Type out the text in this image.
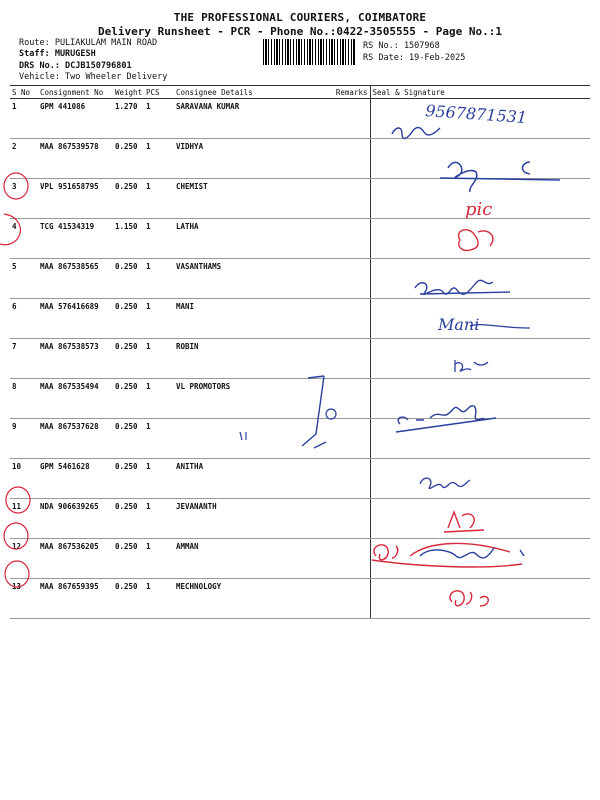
THE PROFESSIONAL COURIERS, COIMBATORE
Delivery Runsheet - PCR - Phone No.:0422-3505555 - Page No.:1
Route: PULIAKULAM MAIN ROAD
Staff: MURUGESH
DRS No.: DCJB150796801
Vehicle: Two Wheeler Delivery
RS No.: 1507968
RS Date: 19-Feb-2025
S No	Consignment No	Weight	PCS	Consignee Details	Remarks	Seal & Signature
1	GPM 441086	1.270	1	SARAVANA KUMAR		
2	MAA 867539578	0.250	1	VIDHYA		
3	VPL 951658795	0.250	1	CHEMIST		
4	TCG 41534319	1.150	1	LATHA		
5	MAA 867538565	0.250	1	VASANTHAMS		
6	MAA 576416689	0.250	1	MANI		
7	MAA 867538573	0.250	1	ROBIN		
8	MAA 867535494	0.250	1	VL PROMOTORS		
9	MAA 867537628	0.250	1			
10	GPM 5461628	0.250	1	ANITHA		
11	NDA 906639265	0.250	1	JEVANANTH		
12	MAA 867536205	0.250	1	AMMAN		
13	MAA 867659395	0.250	1	MECHNOLOGY		
9567871531
pic
Mani
